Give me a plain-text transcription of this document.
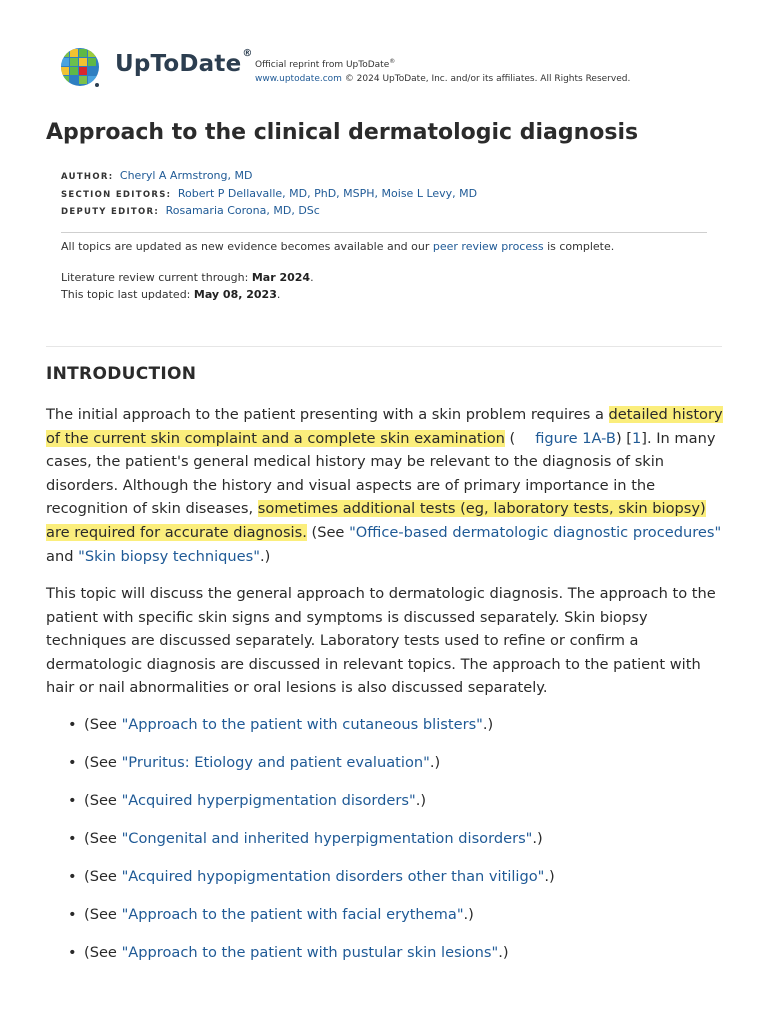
UpToDate®
Official reprint from UpToDate®
www.uptodate.com © 2024 UpToDate, Inc. and/or its affiliates. All Rights Reserved.
Approach to the clinical dermatologic diagnosis
AUTHOR: Cheryl A Armstrong, MD
SECTION EDITORS: Robert P Dellavalle, MD, PhD, MSPH, Moise L Levy, MD
DEPUTY EDITOR: Rosamaria Corona, MD, DSc
All topics are updated as new evidence becomes available and our peer review process is complete.
Literature review current through: Mar 2024.
This topic last updated: May 08, 2023.
INTRODUCTION

The initial approach to the patient presenting with a skin problem requires a detailed history of the current skin complaint and a complete skin examination ( figure 1A-B) [1]. In many cases, the patient's general medical history may be relevant to the diagnosis of skin disorders. Although the history and visual aspects are of primary importance in the recognition of skin diseases, sometimes additional tests (eg, laboratory tests, skin biopsy) are required for accurate diagnosis. (See "Office-based dermatologic diagnostic procedures" and "Skin biopsy techniques".)

This topic will discuss the general approach to dermatologic diagnosis. The approach to the patient with specific skin signs and symptoms is discussed separately. Skin biopsy techniques are discussed separately. Laboratory tests used to refine or confirm a dermatologic diagnosis are discussed in relevant topics. The approach to the patient with hair or nail abnormalities or oral lesions is also discussed separately.

• (See "Approach to the patient with cutaneous blisters".)
• (See "Pruritus: Etiology and patient evaluation".)
• (See "Acquired hyperpigmentation disorders".)
• (See "Congenital and inherited hyperpigmentation disorders".)
• (See "Acquired hypopigmentation disorders other than vitiligo".)
• (See "Approach to the patient with facial erythema".)
• (See "Approach to the patient with pustular skin lesions".)
